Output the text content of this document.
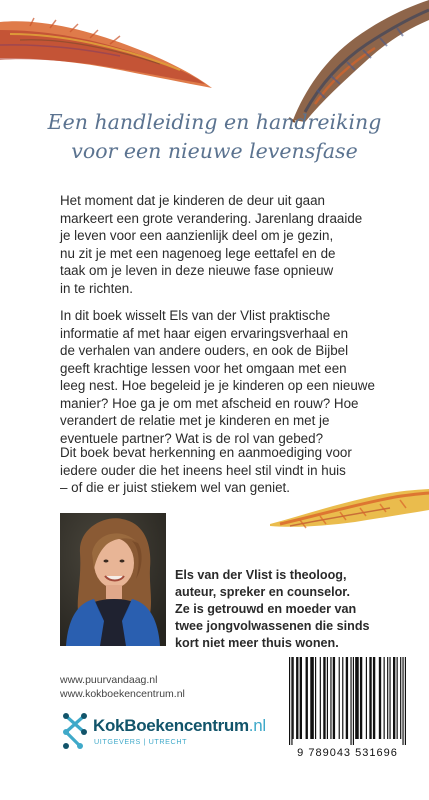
Een handleiding en handreiking
voor een nieuwe levensfase
Het moment dat je kinderen de deur uit gaan
markeert een grote verandering. Jarenlang draaide
je leven voor een aanzienlijk deel om je gezin,
nu zit je met een nagenoeg lege eettafel en de
taak om je leven in deze nieuwe fase opnieuw
in te richten.
In dit boek wisselt Els van der Vlist praktische
informatie af met haar eigen ervaringsverhaal en
de verhalen van andere ouders, en ook de Bijbel
geeft krachtige lessen voor het omgaan met een
leeg nest. Hoe begeleid je je kinderen op een nieuwe
manier? Hoe ga je om met afscheid en rouw? Hoe
verandert de relatie met je kinderen en met je
eventuele partner? Wat is de rol van gebed?
Dit boek bevat herkenning en aanmoediging voor
iedere ouder die het ineens heel stil vindt in huis
– of die er juist stiekem wel van geniet.
Els van der Vlist is theoloog,
auteur, spreker en counselor.
Ze is getrouwd en moeder van
twee jongvolwassenen die sinds
kort niet meer thuis wonen.
www.puurvandaag.nl
www.kokboekencentrum.nl
KokBoekencentrum.nl
UITGEVERS | UTRECHT
9 789043 531696
